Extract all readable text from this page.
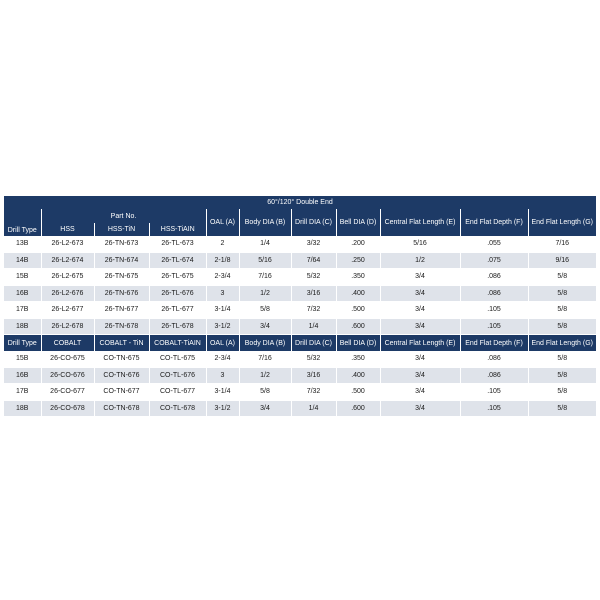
60°/120° Double End										
Drill Type	Part No.			OAL (A)	Body DIA (B)	Drill DIA (C)	Bell DIA (D)	Central Flat Length (E)	End Flat Depth (F)	End Flat Length (G)
	HSS	HSS-TiN	HSS-TiAIN							
13B	26-L2-673	26-TN-673	26-TL-673	2	1/4	3/32	.200	5/16	.055	7/16
14B	26-L2-674	26-TN-674	26-TL-674	2-1/8	5/16	7/64	.250	1/2	.075	9/16
15B	26-L2-675	26-TN-675	26-TL-675	2-3/4	7/16	5/32	.350	3/4	.086	5/8
16B	26-L2-676	26-TN-676	26-TL-676	3	1/2	3/16	.400	3/4	.086	5/8
17B	26-L2-677	26-TN-677	26-TL-677	3-1/4	5/8	7/32	.500	3/4	.105	5/8
18B	26-L2-678	26-TN-678	26-TL-678	3-1/2	3/4	1/4	.600	3/4	.105	5/8
Drill Type	COBALT	COBALT - TiN	COBALT-TiAIN	OAL (A)	Body DIA (B)	Drill DIA (C)	Bell DIA (D)	Central Flat Length (E)	End Flat Depth (F)	End Flat Length (G)
15B	26-CO-675	CO-TN-675	CO-TL-675	2-3/4	7/16	5/32	.350	3/4	.086	5/8
16B	26-CO-676	CO-TN-676	CO-TL-676	3	1/2	3/16	.400	3/4	.086	5/8
17B	26-CO-677	CO-TN-677	CO-TL-677	3-1/4	5/8	7/32	.500	3/4	.105	5/8
18B	26-CO-678	CO-TN-678	CO-TL-678	3-1/2	3/4	1/4	.600	3/4	.105	5/8
